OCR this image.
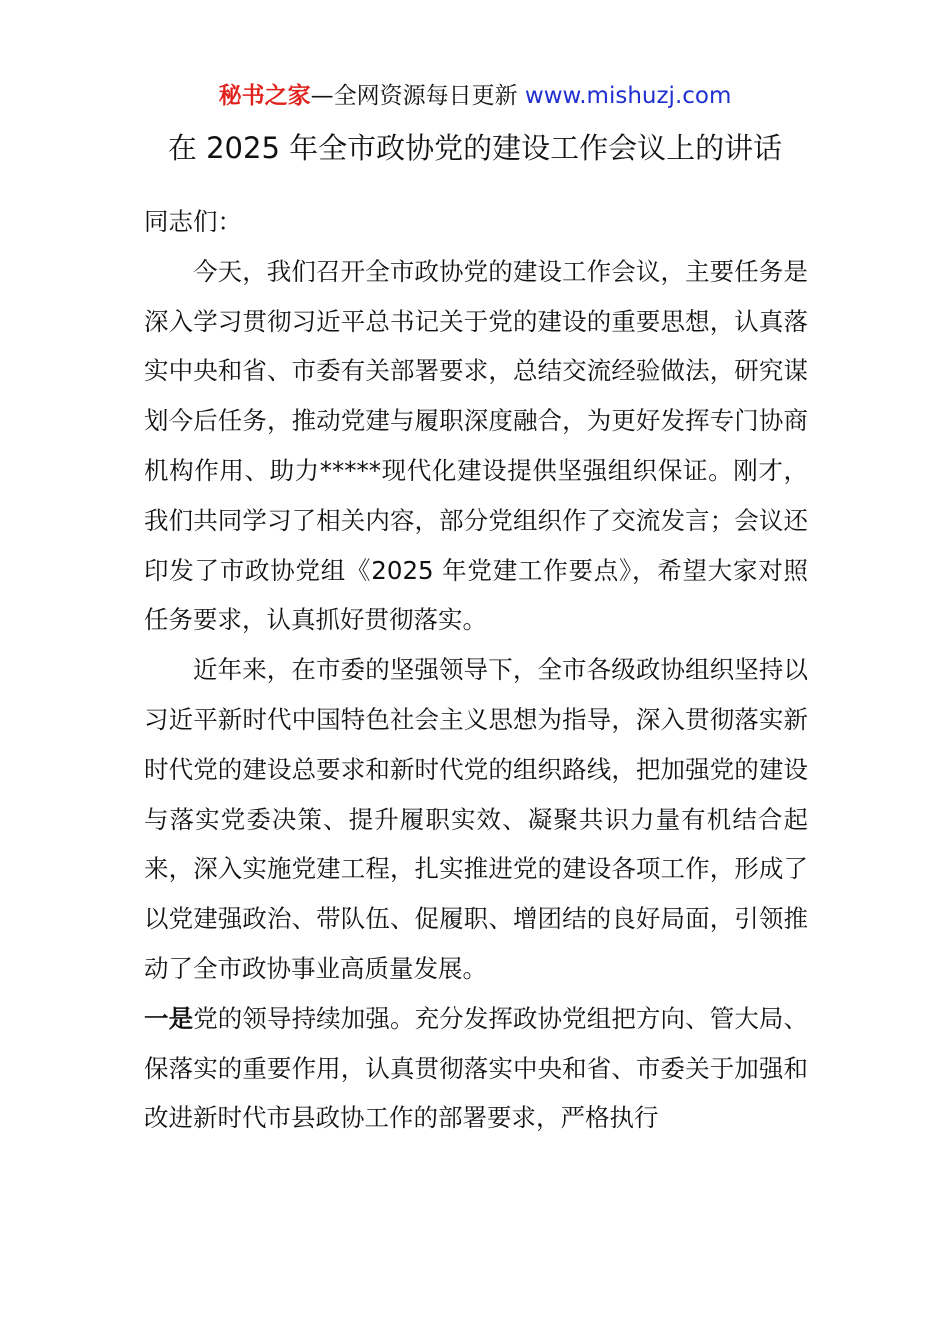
秘书之家—全网资源每日更新 www.mishuzj.com
在 2025 年全市政协党的建设工作会议上的讲话

同志们：

今天，我们召开全市政协党的建设工作会议，主要任务是深入学习贯彻习近平总书记关于党的建设的重要思想，认真落实中央和省、市委有关部署要求，总结交流经验做法，研究谋划今后任务，推动党建与履职深度融合，为更好发挥专门协商机构作用、助力*****现代化建设提供坚强组织保证。刚才，我们共同学习了相关内容，部分党组织作了交流发言；会议还印发了市政协党组《2025 年党建工作要点》，希望大家对照任务要求，认真抓好贯彻落实。

近年来，在市委的坚强领导下，全市各级政协组织坚持以习近平新时代中国特色社会主义思想为指导，深入贯彻落实新时代党的建设总要求和新时代党的组织路线，把加强党的建设与落实党委决策、提升履职实效、凝聚共识力量有机结合起来，深入实施党建工程，扎实推进党的建设各项工作，形成了以党建强政治、带队伍、促履职、增团结的良好局面，引领推动了全市政协事业高质量发展。

一是党的领导持续加强。充分发挥政协党组把方向、管大局、保落实的重要作用，认真贯彻落实中央和省、市委关于加强和改进新时代市县政协工作的部署要求，严格执行
